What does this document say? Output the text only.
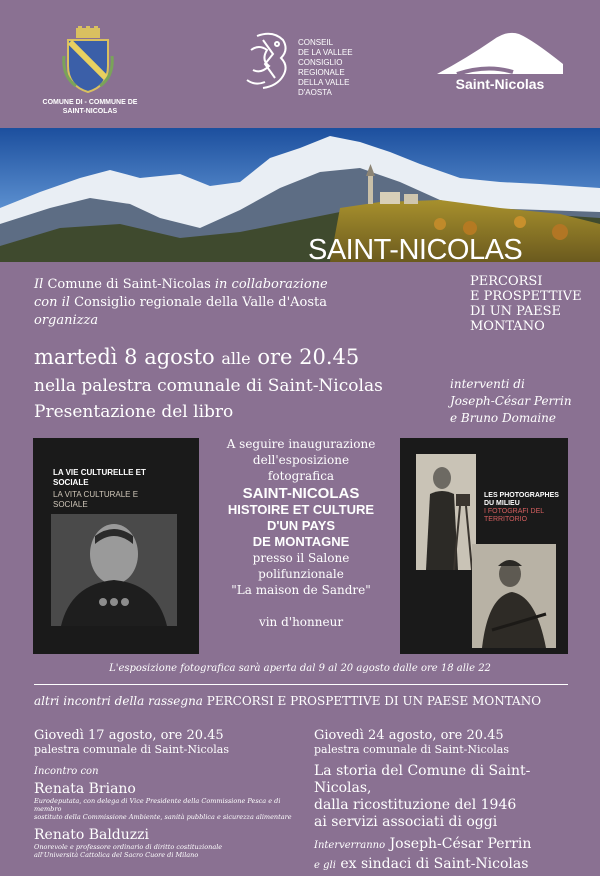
COMUNE DI - COMMUNE DE
SAINT-NICOLAS
CONSEIL
DE LA VALLEE
CONSIGLIO
REGIONALE
DELLA VALLE
D'AOSTA
Saint-Nicolas
SAINT-NICOLAS
PERCORSI
E PROSPETTIVE
DI UN PAESE
MONTANO
Il Comune di Saint-Nicolas in collaborazione
con il Consiglio regionale della Valle d'Aosta
organizza
martedì 8 agosto alle ore 20.45
nella palestra comunale di Saint-Nicolas
Presentazione del libro
interventi di
Joseph-César Perrin
e Bruno Domaine
LA VIE CULTURELLE ET SOCIALE
LA VITA CULTURALE E SOCIALE
A seguire inaugurazione
dell'esposizione
fotografica
SAINT-NICOLAS
HISTOIRE ET CULTURE
D'UN PAYS
DE MONTAGNE
presso il Salone
polifunzionale
"La maison de Sandre"
vin d'honneur
LES PHOTOGRAPHES DU MILIEU
I FOTOGRAFI DEL TERRITORIO
L'esposizione fotografica sarà aperta dal 9 al 20 agosto dalle ore 18 alle 22
altri incontri della rassegna PERCORSI E PROSPETTIVE DI UN PAESE MONTANO
Giovedì 17 agosto, ore 20.45
palestra comunale di Saint-Nicolas
Incontro con
Renata Briano
Eurodeputata, con delega di Vice Presidente della Commissione Pesca e di membro
sostituto della Commissione Ambiente, sanità pubblica e sicurezza alimentare
Renato Balduzzi
Onorevole e professore ordinario di diritto costituzionale
all'Università Cattolica del Sacro Cuore di Milano
Giovedì 24 agosto, ore 20.45
palestra comunale di Saint-Nicolas
La storia del Comune di Saint-Nicolas,
dalla ricostituzione del 1946
ai servizi associati di oggi
Interverranno Joseph-César Perrin
e gli ex sindaci di Saint-Nicolas
